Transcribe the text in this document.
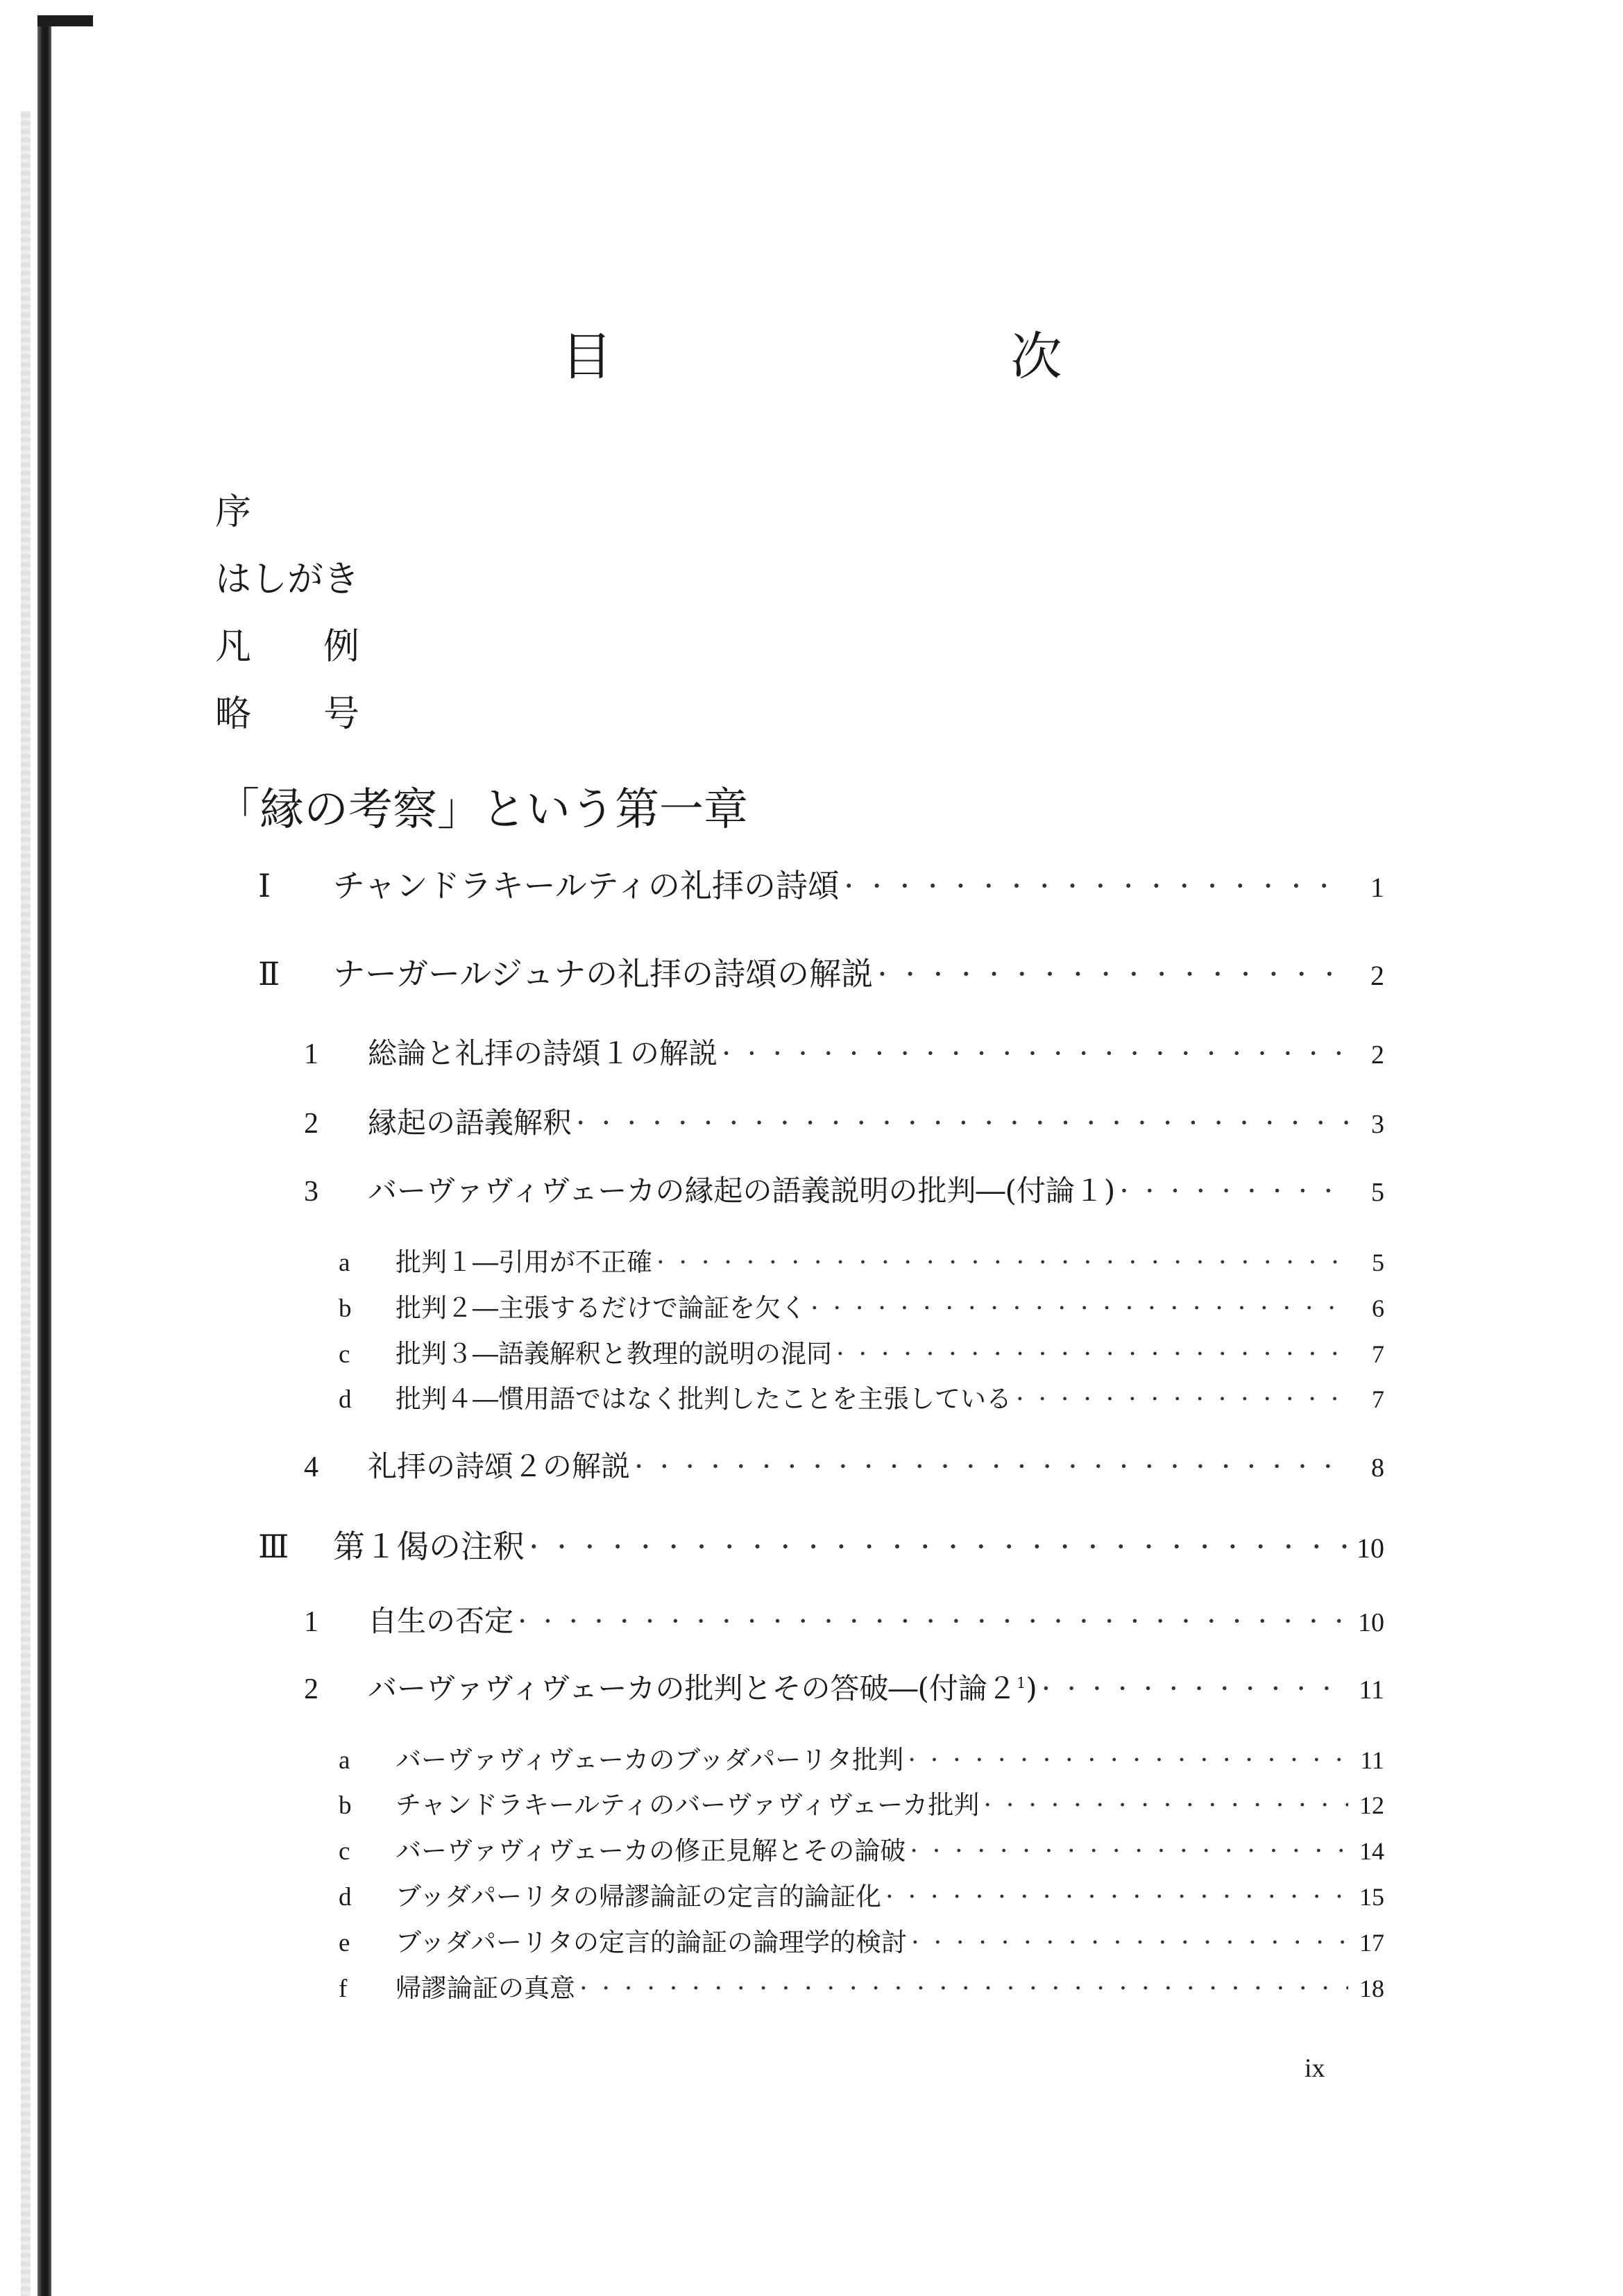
目　次
序
はしがき
凡例
略号
「縁の考察」という第一章
Ⅰ	チャンドラキールティの礼拝の詩頌 · · ·	1
Ⅱ	ナーガールジュナの礼拝の詩頌の解説 · · ·	2
1	総論と礼拝の詩頌１の解説 · · ·	2
2	縁起の語義解釈 · · ·	3
3	バーヴァヴィヴェーカの縁起の語義説明の批判―(付論１) · · ·	5
a	批判１―引用が不正確 · · ·	5
b	批判２―主張するだけで論証を欠く · · ·	6
c	批判３―語義解釈と教理的説明の混同 · · ·	7
d	批判４―慣用語ではなく批判したことを主張している · · ·	7
4	礼拝の詩頌２の解説 · · ·	8
Ⅲ	第１偈の注釈 · · ·	10
1	自生の否定 · · ·	10
2	バーヴァヴィヴェーカの批判とその答破―(付論$2^1$) · · ·	11
a	バーヴァヴィヴェーカのブッダパーリタ批判 · · ·	11
b	チャンドラキールティのバーヴァヴィヴェーカ批判 · · ·	12
c	バーヴァヴィヴェーカの修正見解とその論破 · · ·	14
d	ブッダパーリタの帰謬論証の定言的論証化 · · ·	15
e	ブッダパーリタの定言的論証の論理学的検討 · · ·	17
f	帰謬論証の真意 · · ·	18
ix
